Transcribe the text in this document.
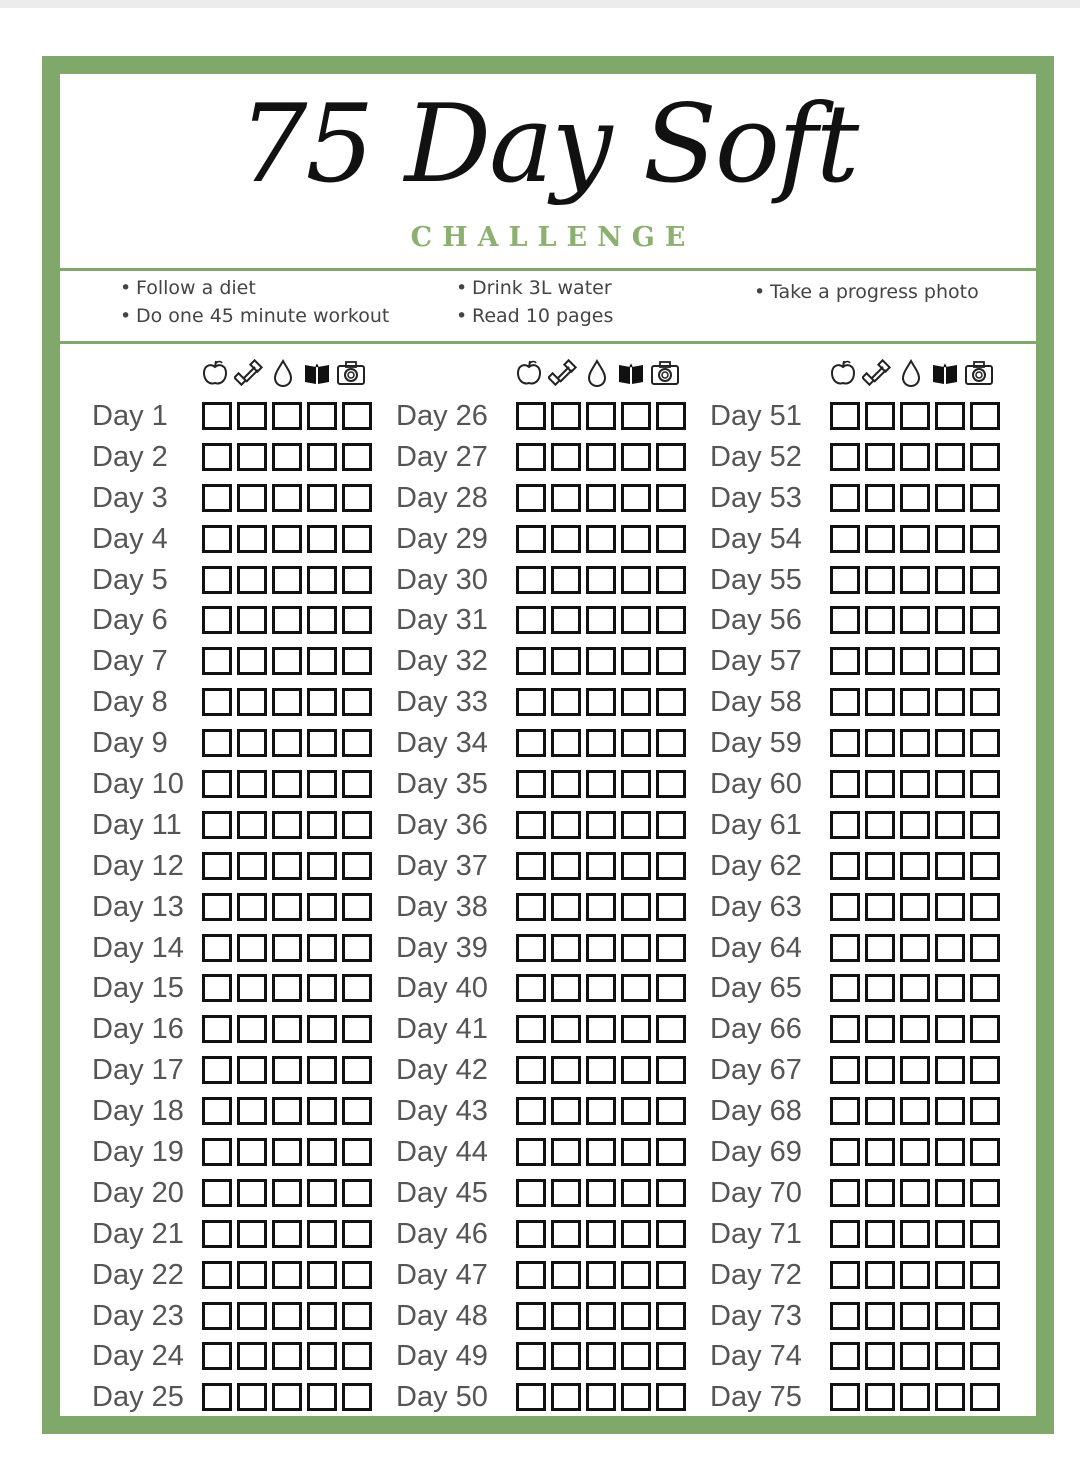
75 Day Soft
CHALLENGE
• Follow a diet
• Do one 45 minute workout
• Drink 3L water
• Read 10 pages
• Take a progress photo
Day 1
Day 2
Day 3
Day 4
Day 5
Day 6
Day 7
Day 8
Day 9
Day 10
Day 11
Day 12
Day 13
Day 14
Day 15
Day 16
Day 17
Day 18
Day 19
Day 20
Day 21
Day 22
Day 23
Day 24
Day 25
Day 26
Day 27
Day 28
Day 29
Day 30
Day 31
Day 32
Day 33
Day 34
Day 35
Day 36
Day 37
Day 38
Day 39
Day 40
Day 41
Day 42
Day 43
Day 44
Day 45
Day 46
Day 47
Day 48
Day 49
Day 50
Day 51
Day 52
Day 53
Day 54
Day 55
Day 56
Day 57
Day 58
Day 59
Day 60
Day 61
Day 62
Day 63
Day 64
Day 65
Day 66
Day 67
Day 68
Day 69
Day 70
Day 71
Day 72
Day 73
Day 74
Day 75
